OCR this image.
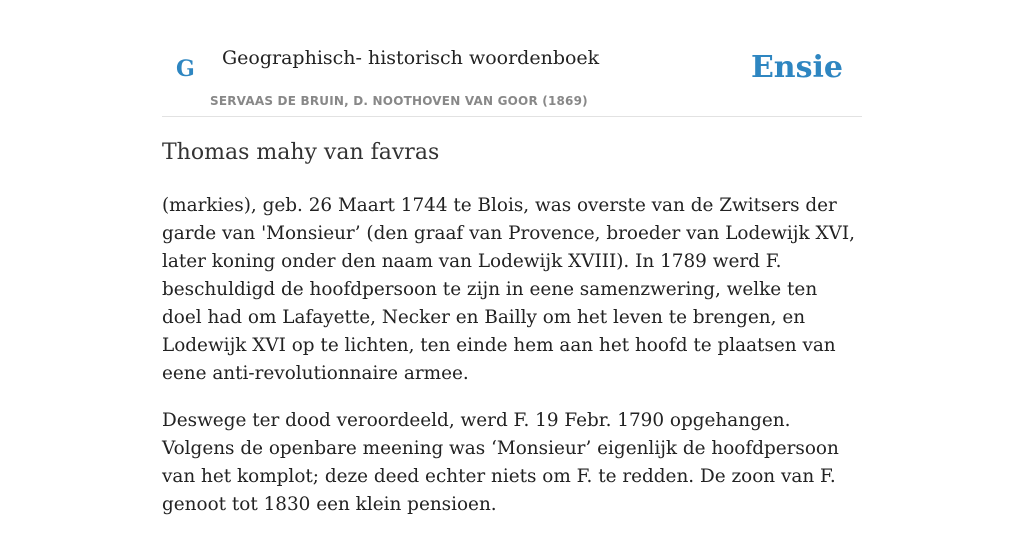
G Geographisch- historisch woordenboek
SERVAAS DE BRUIN, D. NOOTHOVEN VAN GOOR (1869)
Ensie
Thomas mahy van favras

(markies), geb. 26 Maart 1744 te Blois, was overste van de Zwitsers der garde van 'Monsieur’ (den graaf van Provence, broeder van Lodewijk XVI, later koning onder den naam van Lodewijk XVIII). In 1789 werd F. beschuldigd de hoofdpersoon te zijn in eene samenzwering, welke ten doel had om Lafayette, Necker en Bailly om het leven te brengen, en Lodewijk XVI op te lichten, ten einde hem aan het hoofd te plaatsen van eene anti-revolutionnaire armee.

Deswege ter dood veroordeeld, werd F. 19 Febr. 1790 opgehangen. Volgens de openbare meening was ‘Monsieur’ eigenlijk de hoofdpersoon van het komplot; deze deed echter niets om F. te redden. De zoon van F. genoot tot 1830 een klein pensioen.
